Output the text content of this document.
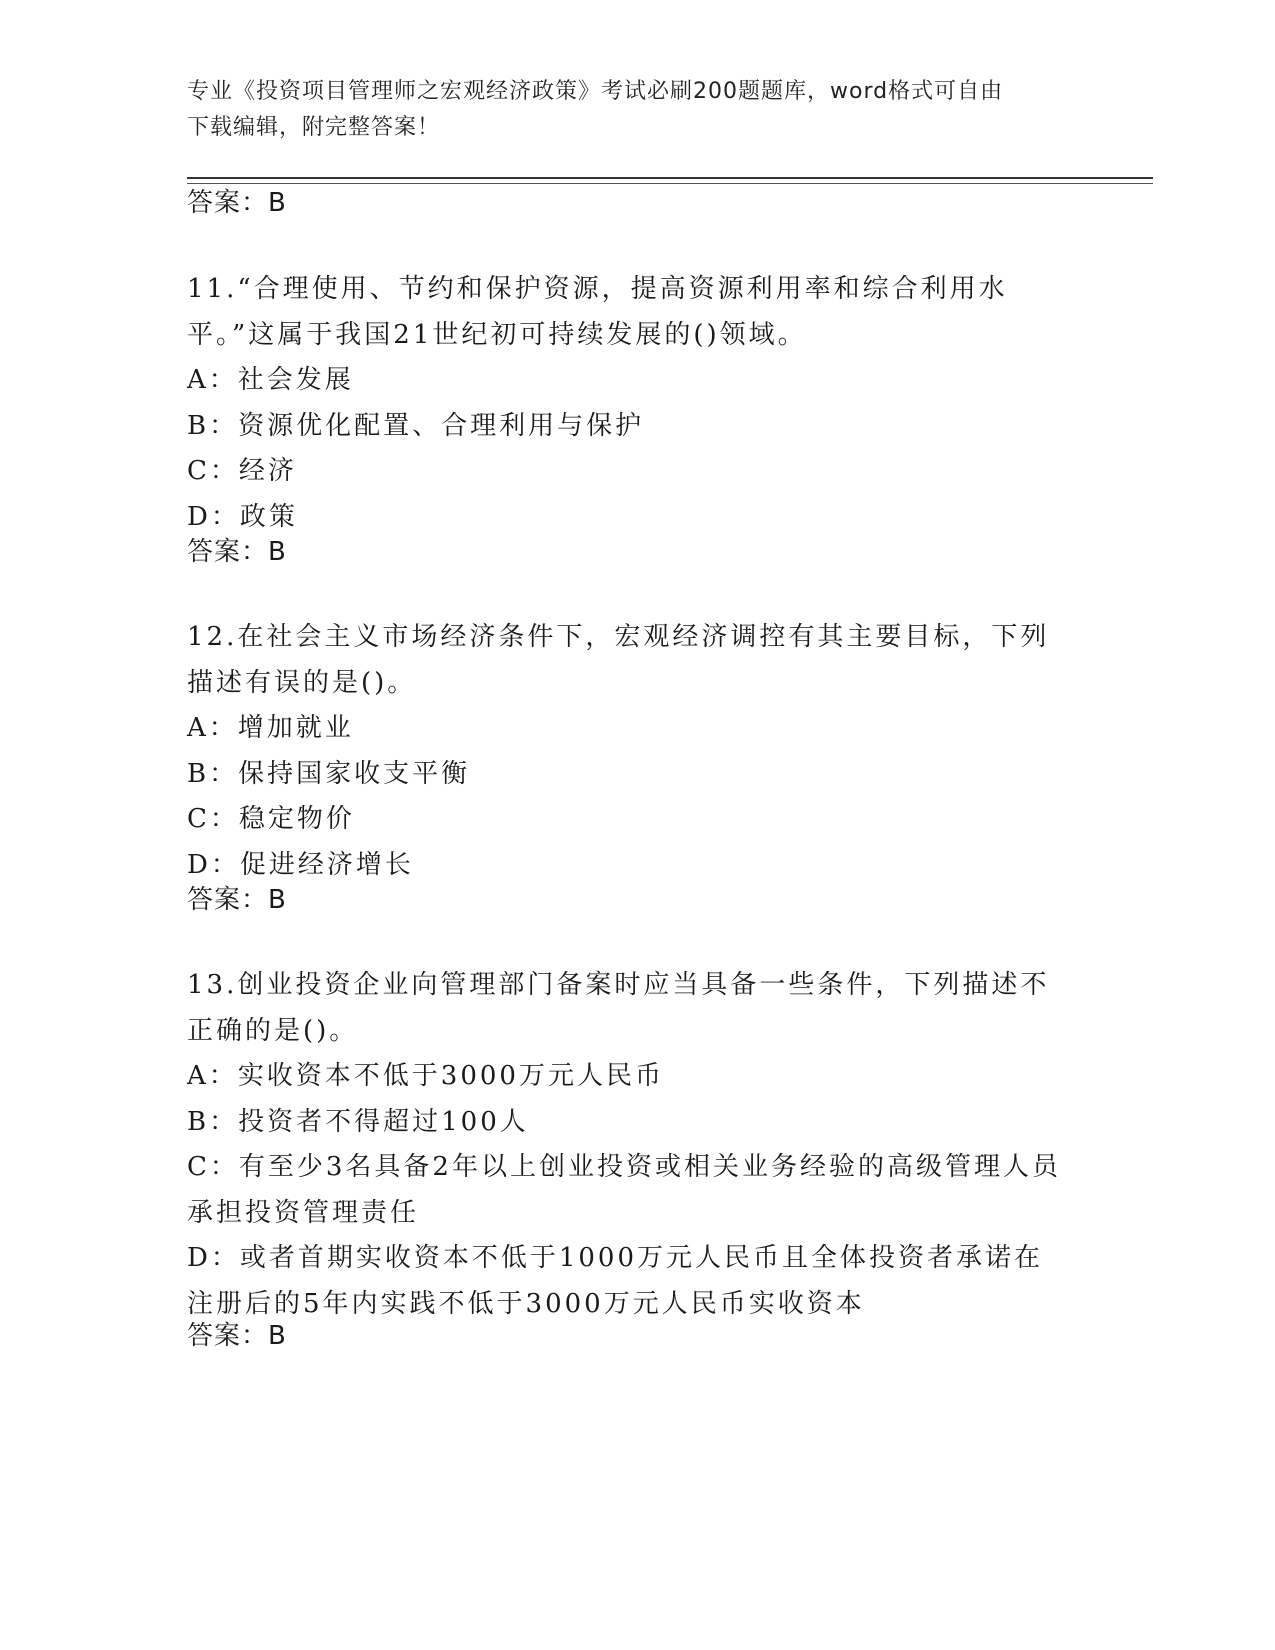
专业《投资项目管理师之宏观经济政策》考试必刷200题题库，word格式可自由
下载编辑，附完整答案！
答案：B
11.“合理使用、节约和保护资源，提高资源利用率和综合利用水平。”这属于我国21世纪初可持续发展的()领域。
A：社会发展
B：资源优化配置、合理利用与保护
C：经济
D：政策
答案：B
12.在社会主义市场经济条件下，宏观经济调控有其主要目标，下列描述有误的是()。
A：增加就业
B：保持国家收支平衡
C：稳定物价
D：促进经济增长
答案：B
13.创业投资企业向管理部门备案时应当具备一些条件，下列描述不正确的是()。
A：实收资本不低于3000万元人民币
B：投资者不得超过100人
C：有至少3名具备2年以上创业投资或相关业务经验的高级管理人员承担投资管理责任
D：或者首期实收资本不低于1000万元人民币且全体投资者承诺在注册后的5年内实践不低于3000万元人民币实收资本
答案：B
